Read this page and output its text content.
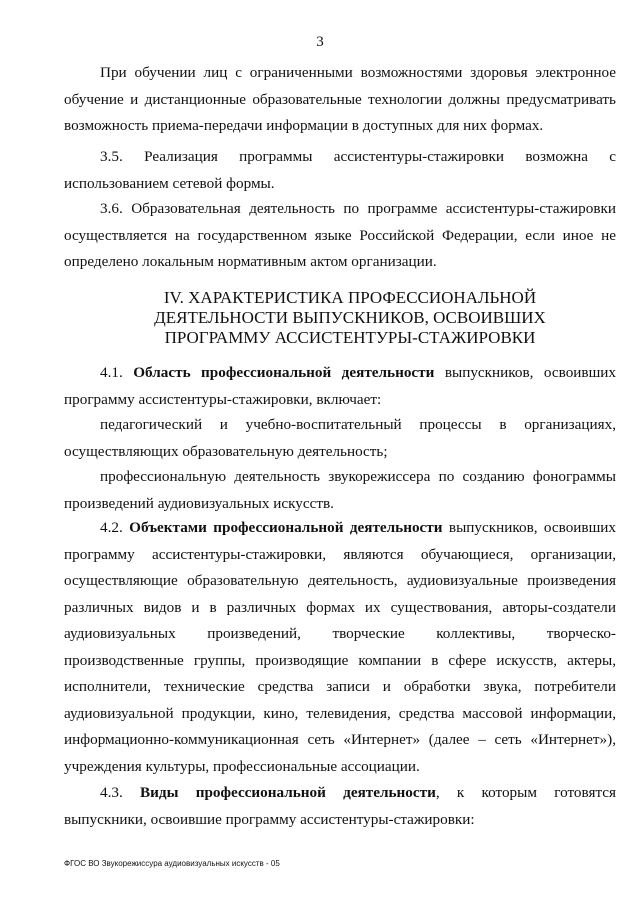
3
При обучении лиц с ограниченными возможностями здоровья электронное обучение и дистанционные образовательные технологии должны предусматривать возможность приема-передачи информации в доступных для них формах.
3.5. Реализация программы ассистентуры-стажировки возможна с использованием сетевой формы.
3.6. Образовательная деятельность по программе ассистентуры-стажировки осуществляется на государственном языке Российской Федерации, если иное не определено локальным нормативным актом организации.
IV. ХАРАКТЕРИСТИКА ПРОФЕССИОНАЛЬНОЙ ДЕЯТЕЛЬНОСТИ ВЫПУСКНИКОВ, ОСВОИВШИХ ПРОГРАММУ АССИСТЕНТУРЫ-СТАЖИРОВКИ
4.1. Область профессиональной деятельности выпускников, освоивших программу ассистентуры-стажировки, включает:
педагогический и учебно-воспитательный процессы в организациях, осуществляющих образовательную деятельность;
профессиональную деятельность звукорежиссера по созданию фонограммы произведений аудиовизуальных искусств.
4.2. Объектами профессиональной деятельности выпускников, освоивших программу ассистентуры-стажировки, являются обучающиеся, организации, осуществляющие образовательную деятельность, аудиовизуальные произведения различных видов и в различных формах их существования, авторы-создатели аудиовизуальных произведений, творческие коллективы, творческо-производственные группы, производящие компании в сфере искусств, актеры, исполнители, технические средства записи и обработки звука, потребители аудиовизуальной продукции, кино, телевидения, средства массовой информации, информационно-коммуникационная сеть «Интернет» (далее – сеть «Интернет»), учреждения культуры, профессиональные ассоциации.
4.3. Виды профессиональной деятельности, к которым готовятся выпускники, освоившие программу ассистентуры-стажировки:
ФГОС ВО Звукорежиссура аудиовизуальных искусств - 05
